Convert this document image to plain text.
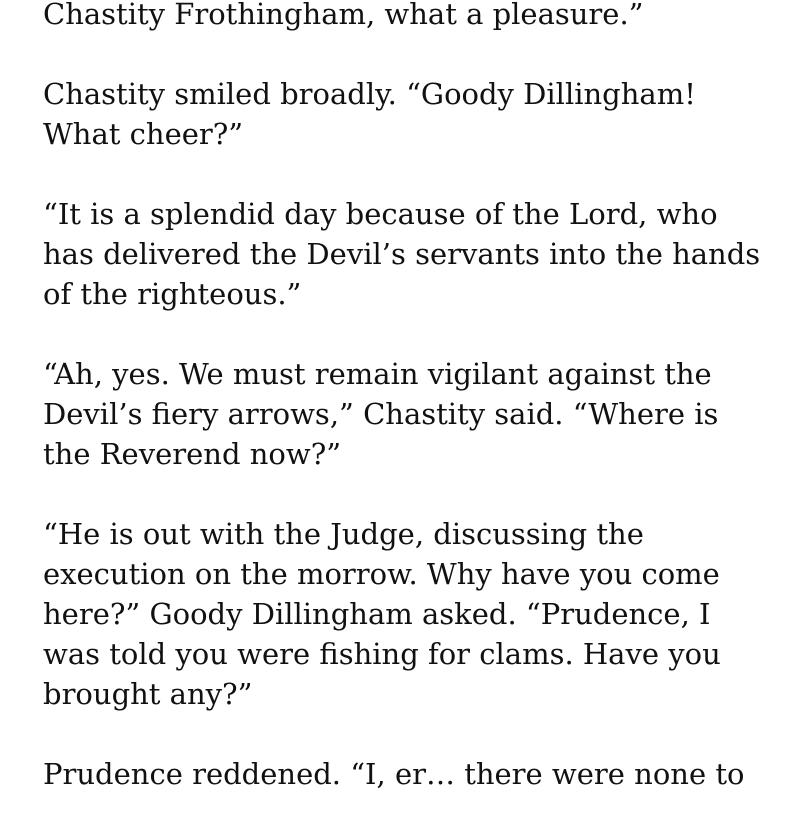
Chastity Frothingham, what a pleasure.”

Chastity smiled broadly. “Goody Dillingham!
What cheer?”

“It is a splendid day because of the Lord, who
has delivered the Devil’s servants into the hands
of the righteous.”

“Ah, yes. We must remain vigilant against the
Devil’s fiery arrows,” Chastity said. “Where is
the Reverend now?”

“He is out with the Judge, discussing the
execution on the morrow. Why have you come
here?” Goody Dillingham asked. “Prudence, I
was told you were fishing for clams. Have you
brought any?”

Prudence reddened. “I, er… there were none to
